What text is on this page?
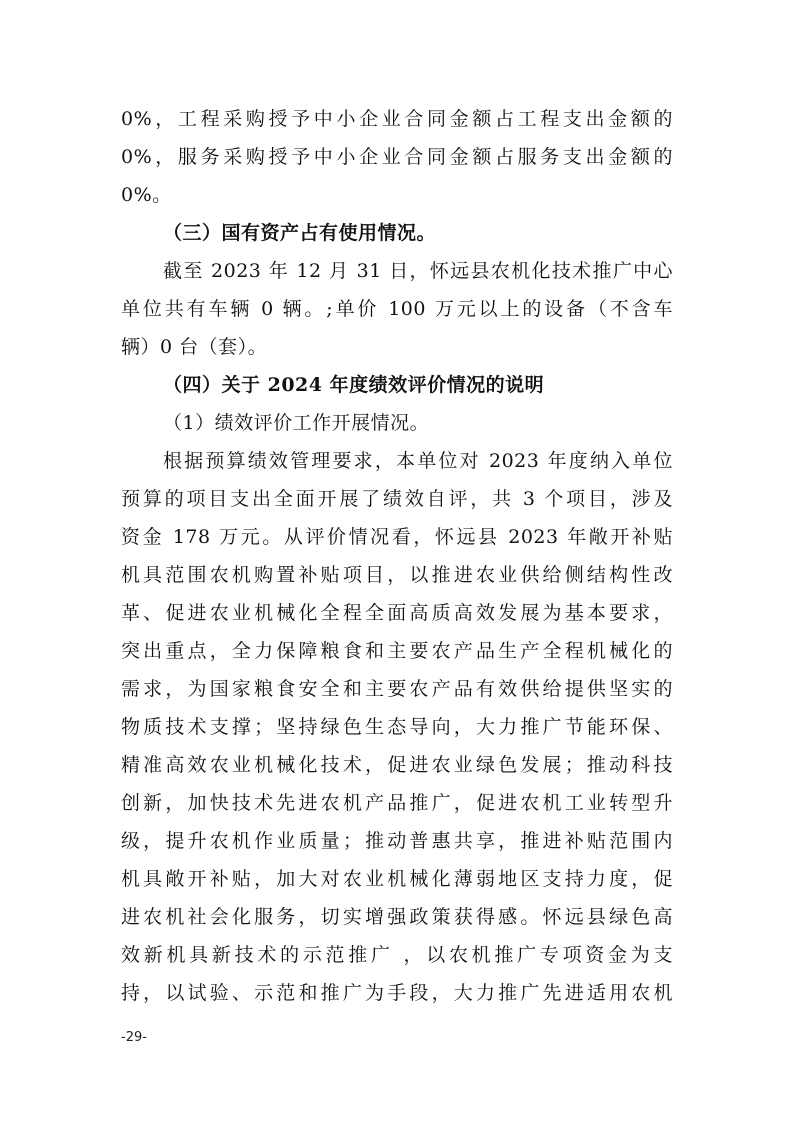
0%，工程采购授予中小企业合同金额占工程支出金额的
0%，服务采购授予中小企业合同金额占服务支出金额的
0%。
（三）国有资产占有使用情况。
截至 2023 年 12 月 31 日，怀远县农机化技术推广中心
单位共有车辆 0 辆。;单价 100 万元以上的设备（不含车
辆）0 台（套）。
（四）关于 2024 年度绩效评价情况的说明
（1）绩效评价工作开展情况。
根据预算绩效管理要求，本单位对 2023 年度纳入单位
预算的项目支出全面开展了绩效自评，共 3 个项目，涉及
资金 178 万元。从评价情况看，怀远县 2023 年敞开补贴
机具范围农机购置补贴项目，以推进农业供给侧结构性改
革、促进农业机械化全程全面高质高效发展为基本要求，
突出重点，全力保障粮食和主要农产品生产全程机械化的
需求，为国家粮食安全和主要农产品有效供给提供坚实的
物质技术支撑；坚持绿色生态导向，大力推广节能环保、
精准高效农业机械化技术，促进农业绿色发展；推动科技
创新，加快技术先进农机产品推广，促进农机工业转型升
级，提升农机作业质量；推动普惠共享，推进补贴范围内
机具敞开补贴，加大对农业机械化薄弱地区支持力度，促
进农机社会化服务，切实增强政策获得感。怀远县绿色高
效新机具新技术的示范推广 ，以农机推广专项资金为支
持，以试验、示范和推广为手段，大力推广先进适用农机
-29-
